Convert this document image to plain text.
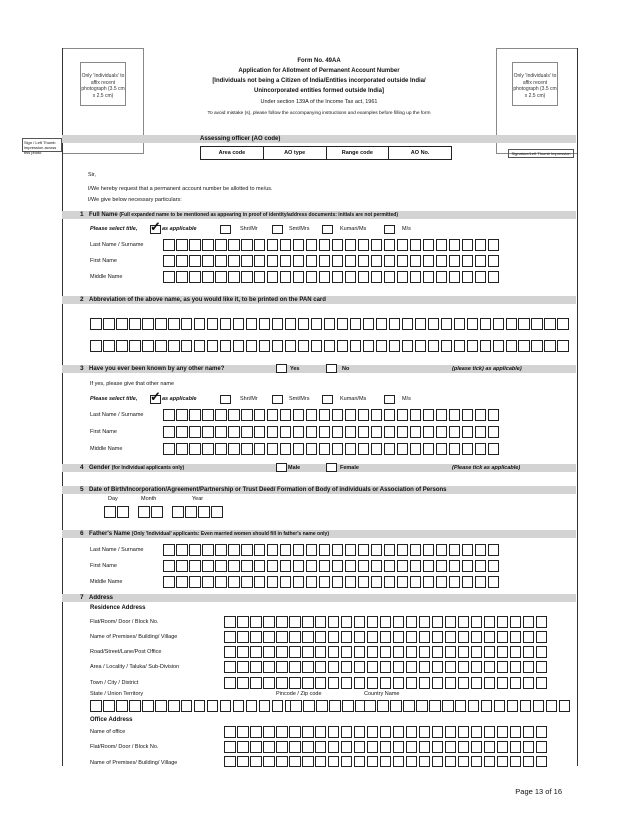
Only 'Individuals' to affix recent photograph (3.5 cm x 2.5 cm)
Only 'Individuals' to affix recent photograph (3.5 cm x 2.5 cm)
Sign / Left Thumb impression across this photo	Signature/Left Thumb Impression
Form No. 49AA
Application for Allotment of Permanent Account Number
[Individuals not being a Citizen of India/Entities incorporated outside India/
Unincorporated entities formed outside India]
Under section 139A of the Income Tax act, 1961
To avoid mistake (s), please follow the accompanying instructions and examples before filling up the form
Assessing officer (AO code)
Area code	AO type	Range code	AO No.
Sir,
I/We hereby request that a permanent account number be allotted to me/us.
I/We give below necessary particulars:
1 Full Name (Full expanded name to be mentioned as appearing in proof of identity/address documents: initials are not permitted)
Please select title, ✓ as applicable	Shri/Mr	Smt/Mrs	Kumari/Ms	M/s
Last Name / Surname
First Name
Middle Name
2 Abbreviation of the above name, as you would like it, to be printed on the PAN card
3 Have you ever been known by any other name?	Yes	No	(please tick) as applicable)
If yes, please give that other name
Please select title, ✓ as applicable	Shri/Mr	Smt/Mrs	Kumari/Ms	M/s
Last Name / Surname
First Name
Middle Name
4 Gender (for Individual applicants only)	Male	Female	(Please tick as applicable)
5 Date of Birth/Incorporation/Agreement/Partnership or Trust Deed/ Formation of Body of individuals or Association of Persons
Day	Month	Year
6 Father's Name (Only 'Individual' applicants: Even married women should fill in father's name only)
Last Name / Surname
First Name
Middle Name
7 Address
Residence Address
Flat/Room/ Door / Block No.
Name of Premises/ Building/ Village
Road/Street/Lane/Post Office
Area / Locality / Taluka/ Sub-Division
Town / City / District
State / Union Territory	Pincode / Zip code	Country Name
Office Address
Name of office
Flat/Room/ Door / Block No.
Name of Premises/ Building/ Village
Page 13 of 16
